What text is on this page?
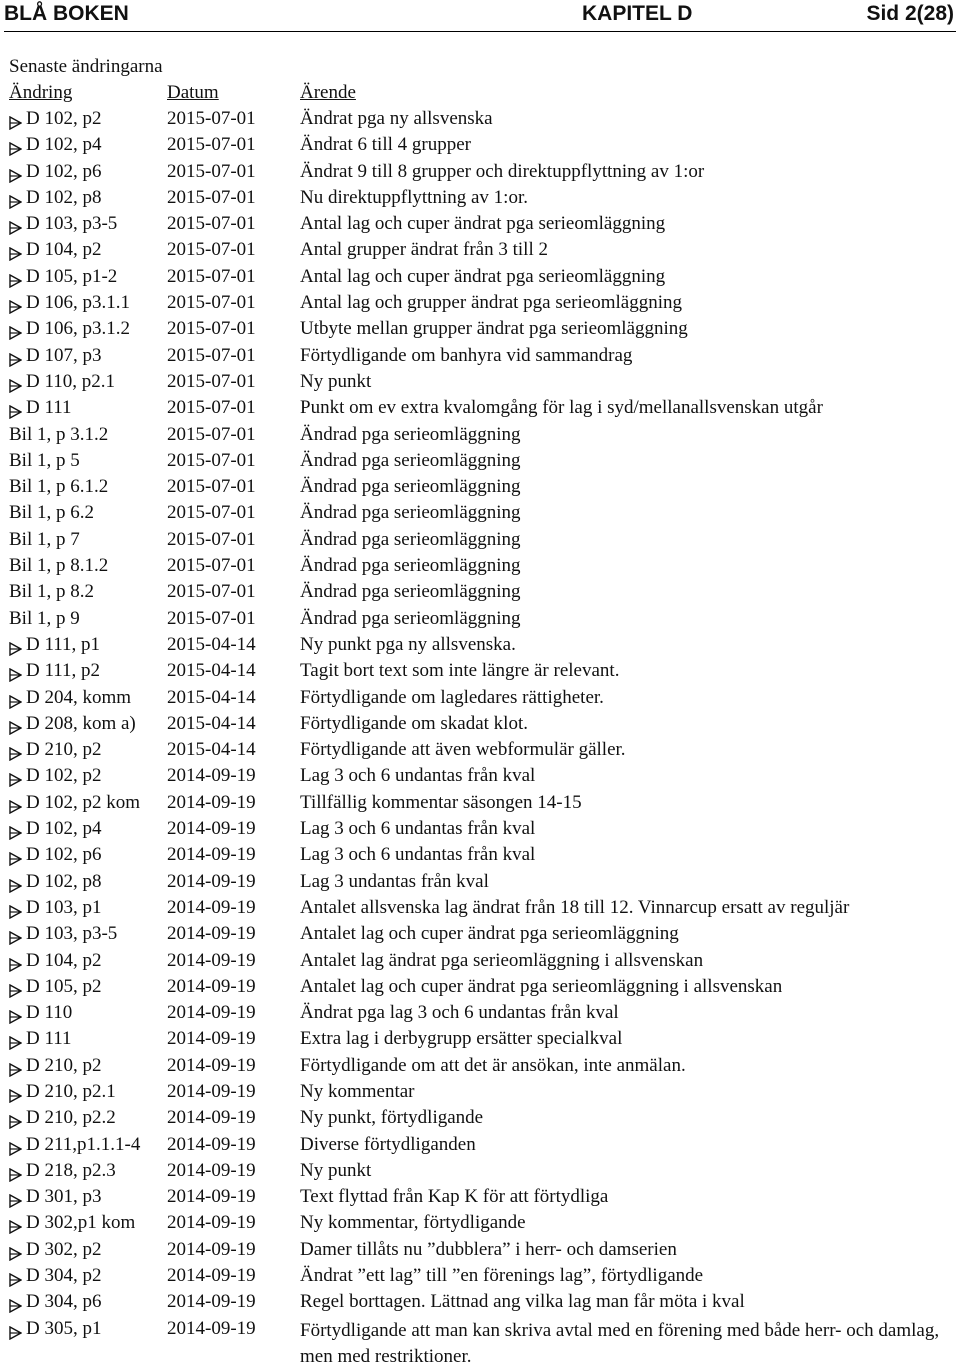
BLÅ BOKEN	KAPITEL D	Sid 2(28)
Senaste ändringarna
Ändring	Datum	Ärende
D 102, p2	2015-07-01 Ändrat pga ny allsvenska
D 102, p4	2015-07-01 Ändrat 6 till 4 grupper
D 102, p6	2015-07-01 Ändrat 9 till 8 grupper och direktuppflyttning av 1:or
D 102, p8	2015-07-01 Nu direktuppflyttning av 1:or.
D 103, p3-5	2015-07-01 Antal lag och cuper ändrat pga serieomläggning
D 104, p2	2015-07-01 Antal grupper ändrat från 3 till 2
D 105, p1-2	2015-07-01 Antal lag och cuper ändrat pga serieomläggning
D 106, p3.1.1 2015-07-01 Antal lag och grupper ändrat pga serieomläggning
D 106, p3.1.2 2015-07-01 Utbyte mellan grupper ändrat pga serieomläggning
D 107, p3	2015-07-01 Förtydligande om banhyra vid sammandrag
D 110, p2.1	2015-07-01 Ny punkt
D 111	2015-07-01 Punkt om ev extra kvalomgång för lag i syd/mellanallsvenskan utgår
Bil 1, p 3.1.2	2015-07-01 Ändrad pga serieomläggning
Bil 1, p 5	2015-07-01 Ändrad pga serieomläggning
Bil 1, p 6.1.2	2015-07-01 Ändrad pga serieomläggning
Bil 1, p 6.2	2015-07-01 Ändrad pga serieomläggning
Bil 1, p 7	2015-07-01 Ändrad pga serieomläggning
Bil 1, p 8.1.2	2015-07-01 Ändrad pga serieomläggning
Bil 1, p 8.2	2015-07-01 Ändrad pga serieomläggning
Bil 1, p 9	2015-07-01 Ändrad pga serieomläggning
D 111, p1	2015-04-14 Ny punkt pga ny allsvenska.
D 111, p2	2015-04-14 Tagit bort text som inte längre är relevant.
D 204, komm 2015-04-14 Förtydligande om lagledares rättigheter.
D 208, kom a) 2015-04-14 Förtydligande om skadat klot.
D 210, p2	2015-04-14 Förtydligande att även webformulär gäller.
D 102, p2	2014-09-19 Lag 3 och 6 undantas från kval
D 102, p2 kom 2014-09-19 Tillfällig kommentar säsongen 14-15
D 102, p4	2014-09-19 Lag 3 och 6 undantas från kval
D 102, p6	2014-09-19 Lag 3 och 6 undantas från kval
D 102, p8	2014-09-19 Lag 3 undantas från kval
D 103, p1	2014-09-19 Antalet allsvenska lag ändrat från 18 till 12. Vinnarcup ersatt av reguljär
D 103, p3-5	2014-09-19 Antalet lag och cuper ändrat pga serieomläggning
D 104, p2	2014-09-19 Antalet lag ändrat pga serieomläggning i allsvenskan
D 105, p2	2014-09-19 Antalet lag och cuper ändrat pga serieomläggning i allsvenskan
D 110	2014-09-19 Ändrat pga lag 3 och 6 undantas från kval
D 111	2014-09-19 Extra lag i derbygrupp ersätter specialkval
D 210, p2	2014-09-19 Förtydligande om att det är ansökan, inte anmälan.
D 210, p2.1	2014-09-19 Ny kommentar
D 210, p2.2	2014-09-19 Ny punkt, förtydligande
D 211,p1.1.1-4 2014-09-19 Diverse förtydliganden
D 218, p2.3	2014-09-19 Ny punkt
D 301, p3	2014-09-19 Text flyttad från Kap K för att förtydliga
D 302,p1 kom 2014-09-19 Ny kommentar, förtydligande
D 302, p2	2014-09-19 Damer tillåts nu ”dubblera” i herr- och damserien
D 304, p2	2014-09-19 Ändrat ”ett lag” till ”en förenings lag”, förtydligande
D 304, p6	2014-09-19 Regel borttagen. Lättnad ang vilka lag man får möta i kval
D 305, p1	2014-09-19 Förtydligande att man kan skriva avtal med en förening med både herr- och damlag, men med restriktioner.
